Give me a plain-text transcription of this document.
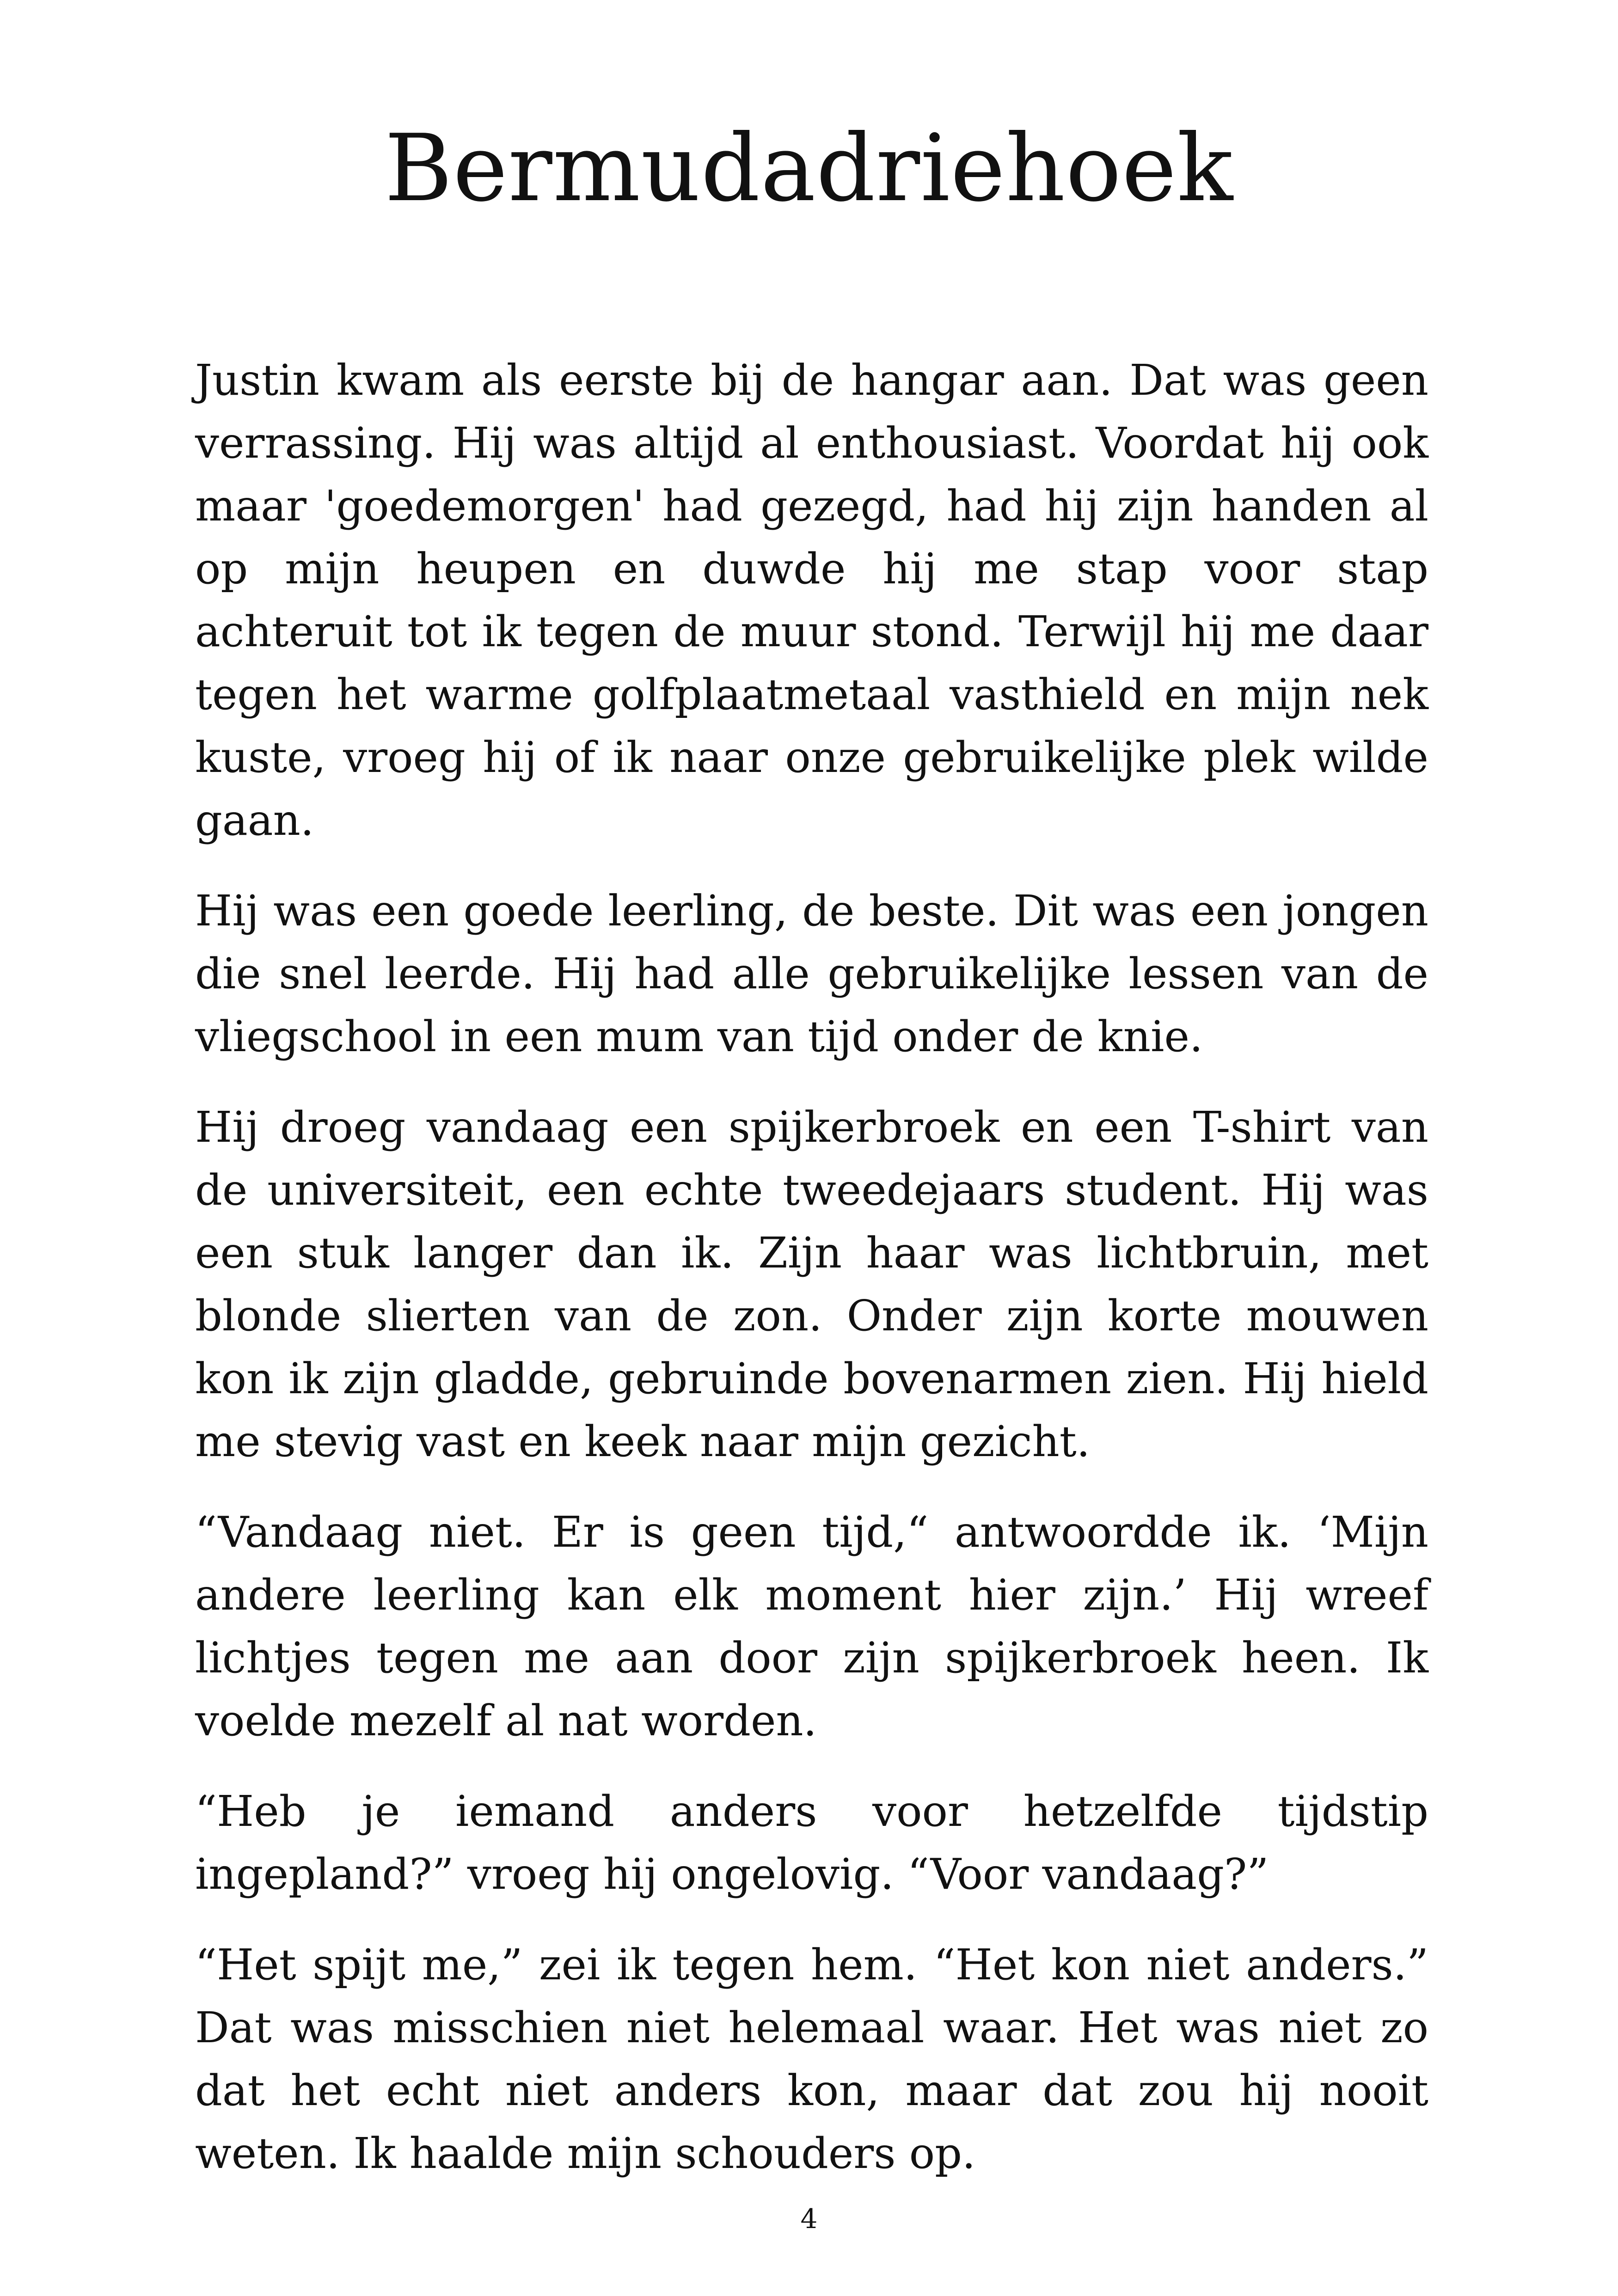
Bermudadriehoek

Justin kwam als eerste bij de hangar aan. Dat was geen verrassing. Hij was altijd al enthousiast. Voordat hij ook maar 'goedemorgen' had gezegd, had hij zijn handen al op mijn heupen en duwde hij me stap voor stap achteruit tot ik tegen de muur stond. Terwijl hij me daar tegen het warme golfplaatmetaal vasthield en mijn nek kuste, vroeg hij of ik naar onze gebruikelijke plek wilde gaan.

Hij was een goede leerling, de beste. Dit was een jongen die snel leerde. Hij had alle gebruikelijke lessen van de vliegschool in een mum van tijd onder de knie.

Hij droeg vandaag een spijkerbroek en een T-shirt van de universiteit, een echte tweedejaars student. Hij was een stuk langer dan ik. Zijn haar was lichtbruin, met blonde slierten van de zon. Onder zijn korte mouwen kon ik zijn gladde, gebruinde bovenarmen zien. Hij hield me stevig vast en keek naar mijn gezicht.

“Vandaag niet. Er is geen tijd,“ antwoordde ik. ‘Mijn andere leerling kan elk moment hier zijn.’ Hij wreef lichtjes tegen me aan door zijn spijkerbroek heen. Ik voelde mezelf al nat worden.

“Heb je iemand anders voor hetzelfde tijdstip ingepland?” vroeg hij ongelovig. “Voor vandaag?”

“Het spijt me,” zei ik tegen hem. “Het kon niet anders.” Dat was misschien niet helemaal waar. Het was niet zo dat het echt niet anders kon, maar dat zou hij nooit weten. Ik haalde mijn schouders op.

4
